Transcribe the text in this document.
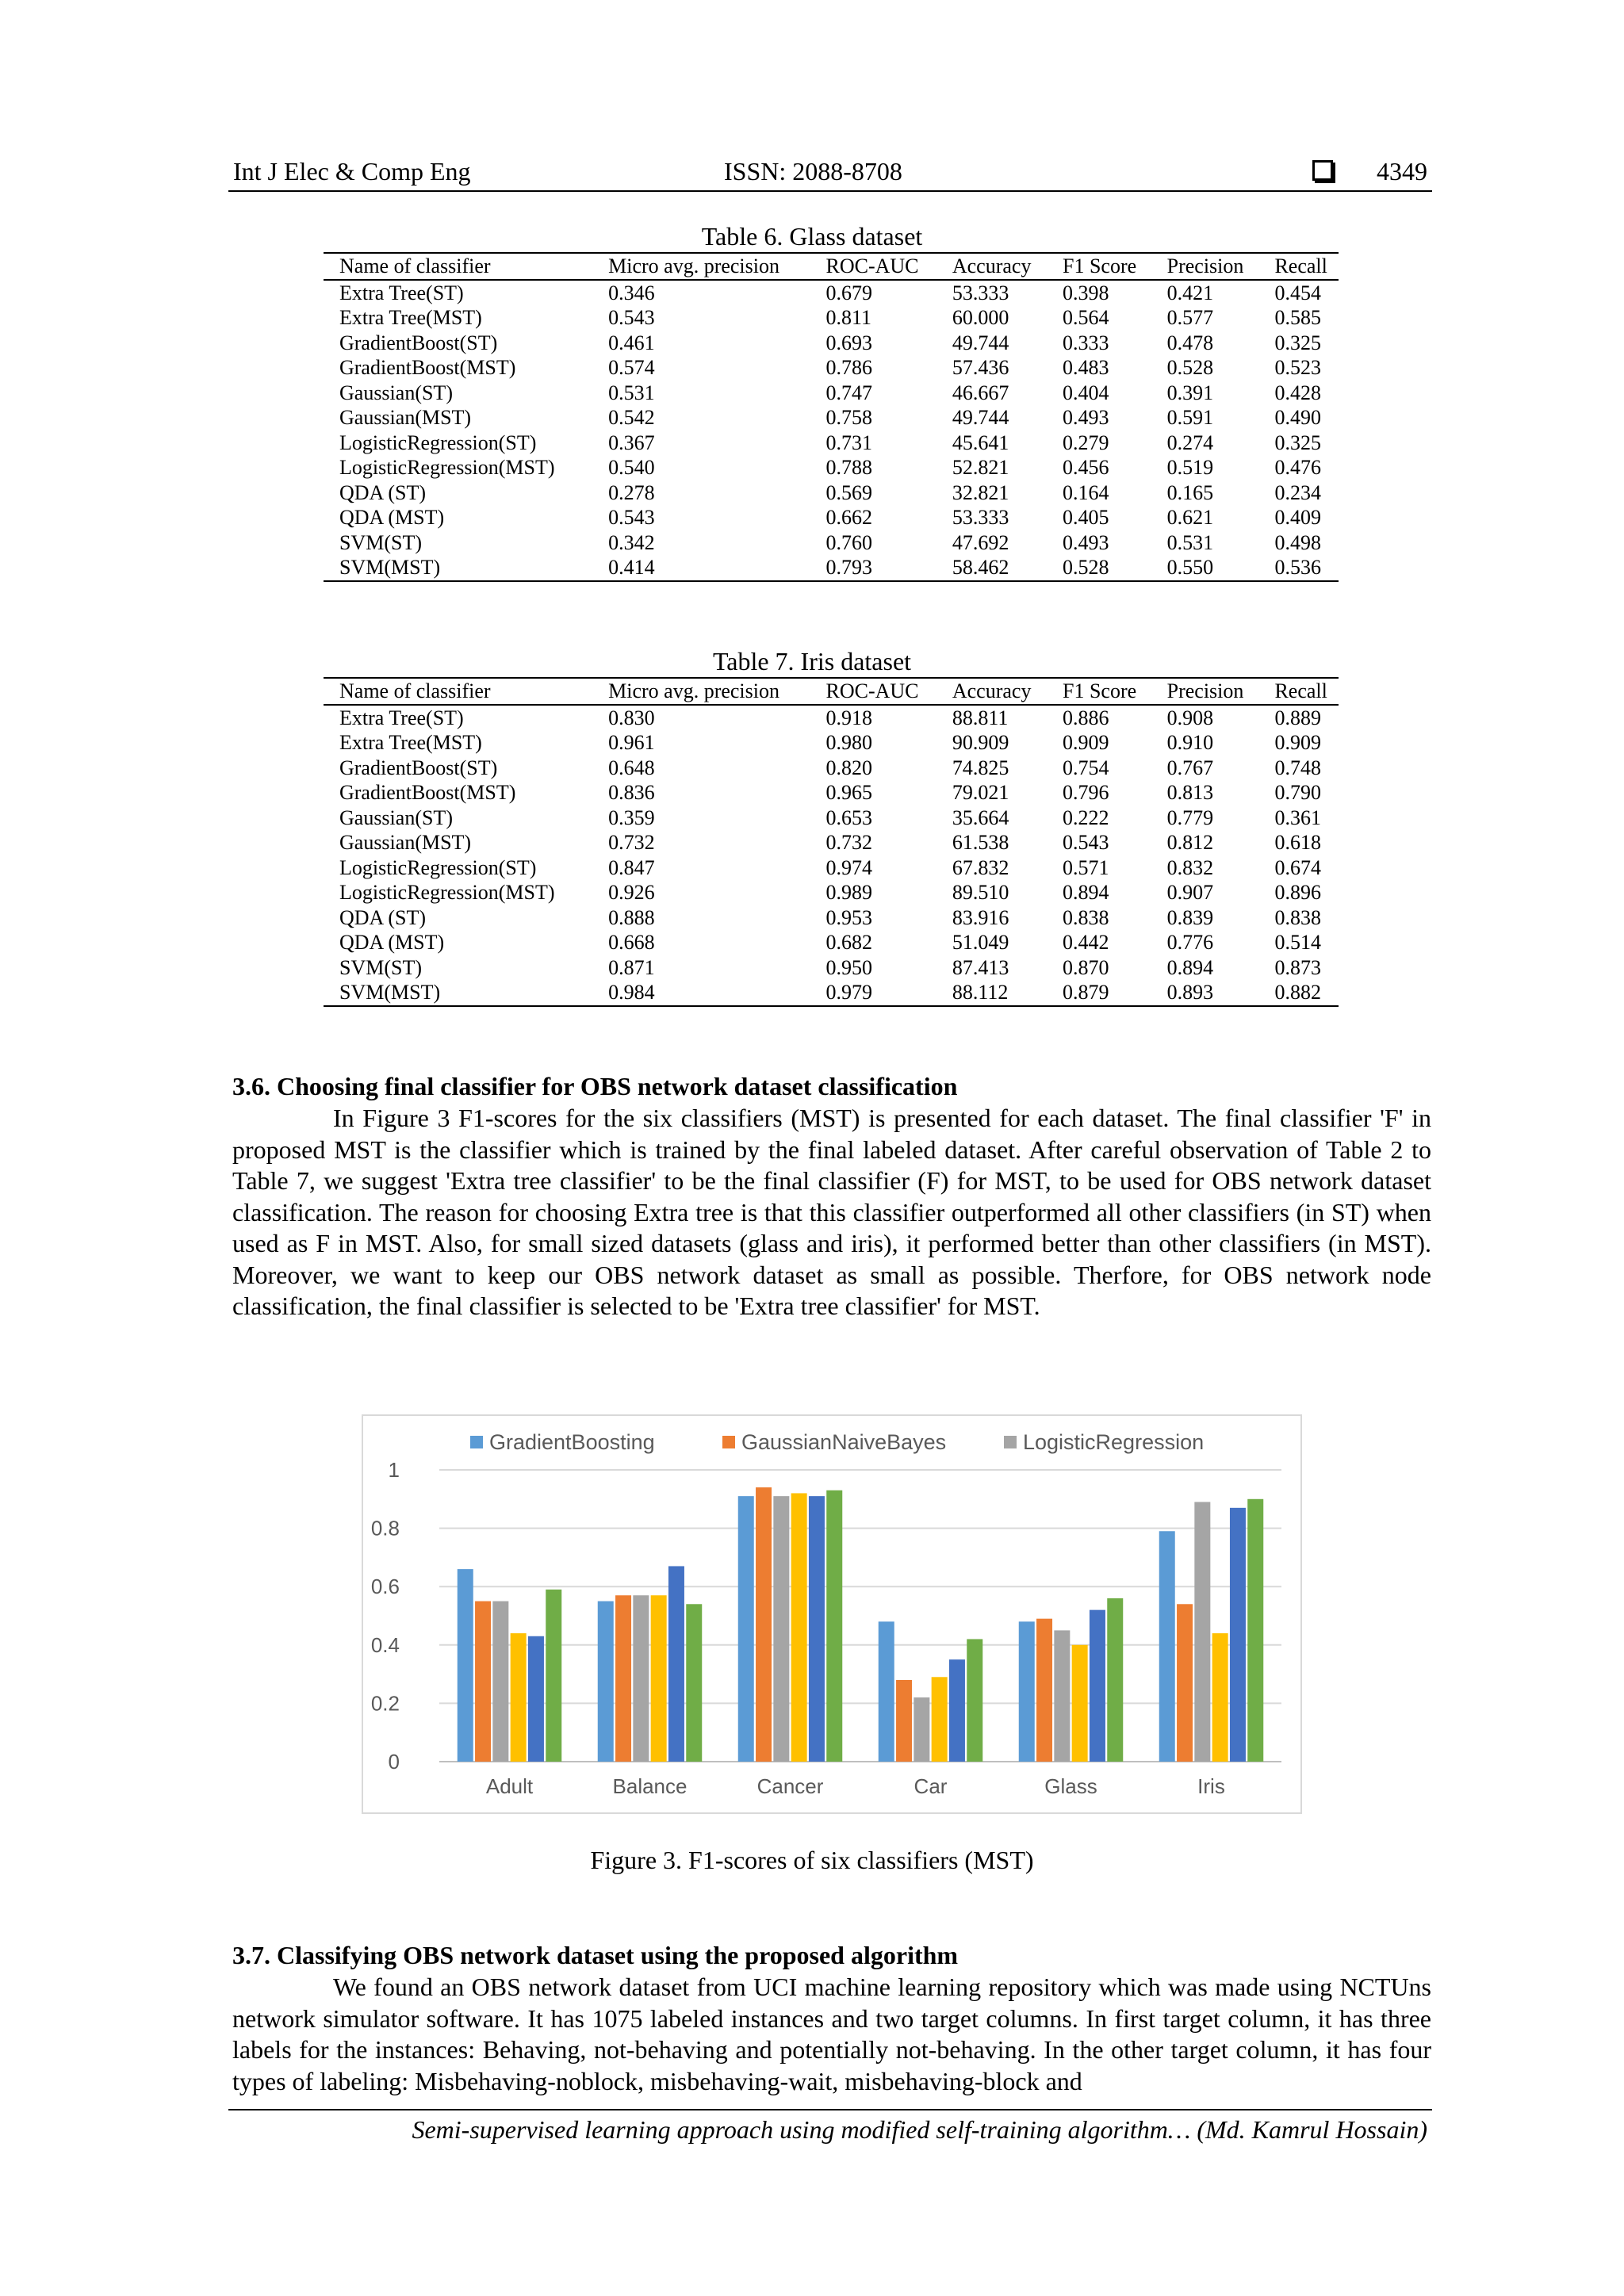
Int J Elec & Comp Eng	ISSN: 2088-8708	4349
Table 6. Glass dataset
Name of classifier	Micro avg. precision	ROC-AUC	Accuracy	F1 Score	Precision	Recall
Extra Tree(ST)	0.346	0.679	53.333	0.398	0.421	0.454
Extra Tree(MST)	0.543	0.811	60.000	0.564	0.577	0.585
GradientBoost(ST)	0.461	0.693	49.744	0.333	0.478	0.325
GradientBoost(MST)	0.574	0.786	57.436	0.483	0.528	0.523
Gaussian(ST)	0.531	0.747	46.667	0.404	0.391	0.428
Gaussian(MST)	0.542	0.758	49.744	0.493	0.591	0.490
LogisticRegression(ST)	0.367	0.731	45.641	0.279	0.274	0.325
LogisticRegression(MST)	0.540	0.788	52.821	0.456	0.519	0.476
QDA (ST)	0.278	0.569	32.821	0.164	0.165	0.234
QDA (MST)	0.543	0.662	53.333	0.405	0.621	0.409
SVM(ST)	0.342	0.760	47.692	0.493	0.531	0.498
SVM(MST)	0.414	0.793	58.462	0.528	0.550	0.536
Table 7. Iris dataset
Name of classifier	Micro avg. precision	ROC-AUC	Accuracy	F1 Score	Precision	Recall
Extra Tree(ST)	0.830	0.918	88.811	0.886	0.908	0.889
Extra Tree(MST)	0.961	0.980	90.909	0.909	0.910	0.909
GradientBoost(ST)	0.648	0.820	74.825	0.754	0.767	0.748
GradientBoost(MST)	0.836	0.965	79.021	0.796	0.813	0.790
Gaussian(ST)	0.359	0.653	35.664	0.222	0.779	0.361
Gaussian(MST)	0.732	0.732	61.538	0.543	0.812	0.618
LogisticRegression(ST)	0.847	0.974	67.832	0.571	0.832	0.674
LogisticRegression(MST)	0.926	0.989	89.510	0.894	0.907	0.896
QDA (ST)	0.888	0.953	83.916	0.838	0.839	0.838
QDA (MST)	0.668	0.682	51.049	0.442	0.776	0.514
SVM(ST)	0.871	0.950	87.413	0.870	0.894	0.873
SVM(MST)	0.984	0.979	88.112	0.879	0.893	0.882
3.6. Choosing final classifier for OBS network dataset classification

In Figure 3 F1-scores for the six classifiers (MST) is presented for each dataset. The final classifier 'F' in proposed MST is the classifier which is trained by the final labeled dataset. After careful observation of Table 2 to Table 7, we suggest 'Extra tree classifier' to be the final classifier (F) for MST, to be used for OBS network dataset classification. The reason for choosing Extra tree is that this classifier outperformed all other classifiers (in ST) when used as F in MST. Also, for small sized datasets (glass and iris), it performed better than other classifiers (in MST). Moreover, we want to keep our OBS network dataset as small as possible. Therfore, for OBS network node classification, the final classifier is selected to be 'Extra tree classifier' for MST.

0
0.2
0.4
0.6
0.8
1
Adult	Balance	Cancer	Car	Glass	Iris
GradientBoosting	GaussianNaiveBayes	LogisticRegression
Figure 3. F1-scores of six classifiers (MST)
3.7. Classifying OBS network dataset using the proposed algorithm

We found an OBS network dataset from UCI machine learning repository which was made using NCTUns network simulator software. It has 1075 labeled instances and two target columns. In first target column, it has three labels for the instances: Behaving, not-behaving and potentially not-behaving. In the other target column, it has four types of labeling: Misbehaving-noblock, misbehaving-wait, misbehaving-block and

Semi-supervised learning approach using modified self-training algorithm… (Md. Kamrul Hossain)
